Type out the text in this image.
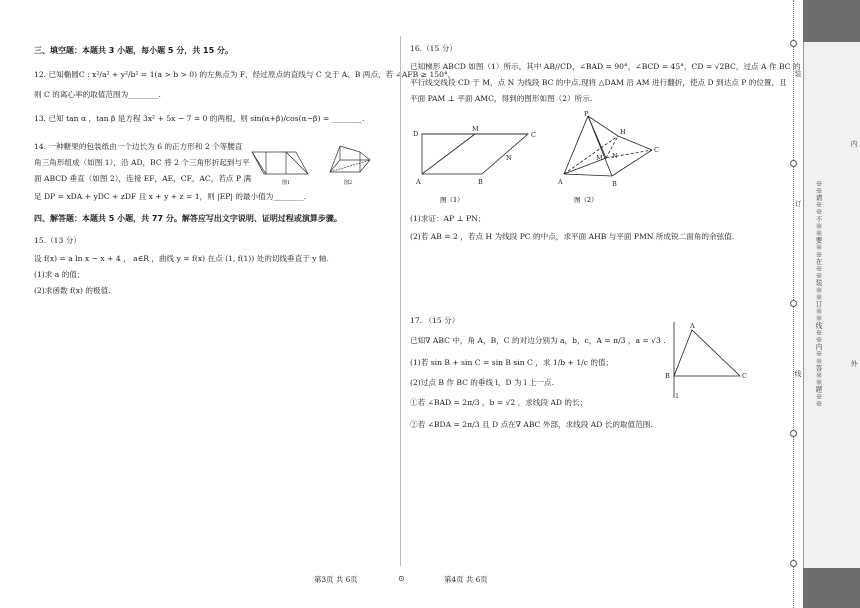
三、填空题：本题共 3 小题，每小题 5 分，共 15 分。
12. 已知椭圆C : x²/a² + y²/b² = 1(a > b > 0) 的左焦点为 F，经过原点的直线与 C 交于 A、B 两点，若 ∠AFB ≥ 150°，
则 C 的离心率的取值范围为________.
13. 已知 tan α ，tan β 是方程 3x² + 5x − 7 = 0 的两根，则 sin(α+β)/cos(α−β) = ________.
14. 一种糖果的包装纸由一个边长为 6 的正方形和 2 个等腰直
角三角形组成（如图 1），沿 AD，BC 将 2 个三角形折起到与平
面 ABCD 垂直（如图 2），连接 EF，AE，CF，AC，若点 P 满
足 DP = xDA + yDC + zDF 且 x + y + z = 1，则 |EP| 的最小值为________.
图1	图2
四、解答题：本题共 5 小题，共 77 分。解答应写出文字说明、证明过程或演算步骤。
15.（13 分）
设 f(x) = a ln x − x + 4 ， a∈R ，曲线 y = f(x) 在点 (1, f(1)) 处的切线垂直于 y 轴.
(1)求 a 的值；
(2)求函数 f(x) 的极值.
16.（15 分）
已知梯形 ABCD 如图（1）所示，其中 AB//CD，∠BAD = 90°，∠BCD = 45°，CD = √2BC，过点 A 作 BC 的
平行线交线段 CD 于 M，点 N 为线段 BC 的中点.现将 △DAM 沿 AM 进行翻折，使点 D 到达点 P 的位置，且
平面 PAM ⊥ 平面 AMC，得到的图形如图（2）所示.
D
M
C
N
A	B
图（1）
P
H
C
M N
A	B
图（2）
(1)求证：AP ⊥ PN；
(2)若 AB = 2 ，若点 H 为线段 PC 的中点，求平面 AHB 与平面 PMN 所成锐二面角的余弦值.
17. （15 分）
已知∇ ABC 中，角 A，B，C 的对边分别为 a，b，c，A = π/3 ，a = √3 .
(1)若 sin B + sin C = sin B sin C ，求 1/b + 1/c 的值；
(2)过点 B 作 BC 的垂线 l，D 为 l 上一点.
①若 ∠BAD = 2π/3 ，b = √2 ，求线段 AD 的长；
②若 ∠BDA = 2π/3 且 D 点在∇ ABC 外部，求线段 AD 长的取值范围.
A
B	C
l
第3页 共 6页	⊙	第4页 共 6页
装
订
线 ※※请※※不※※要※※在※※装※※订※※线※※内※※答※※题※※
内
外
